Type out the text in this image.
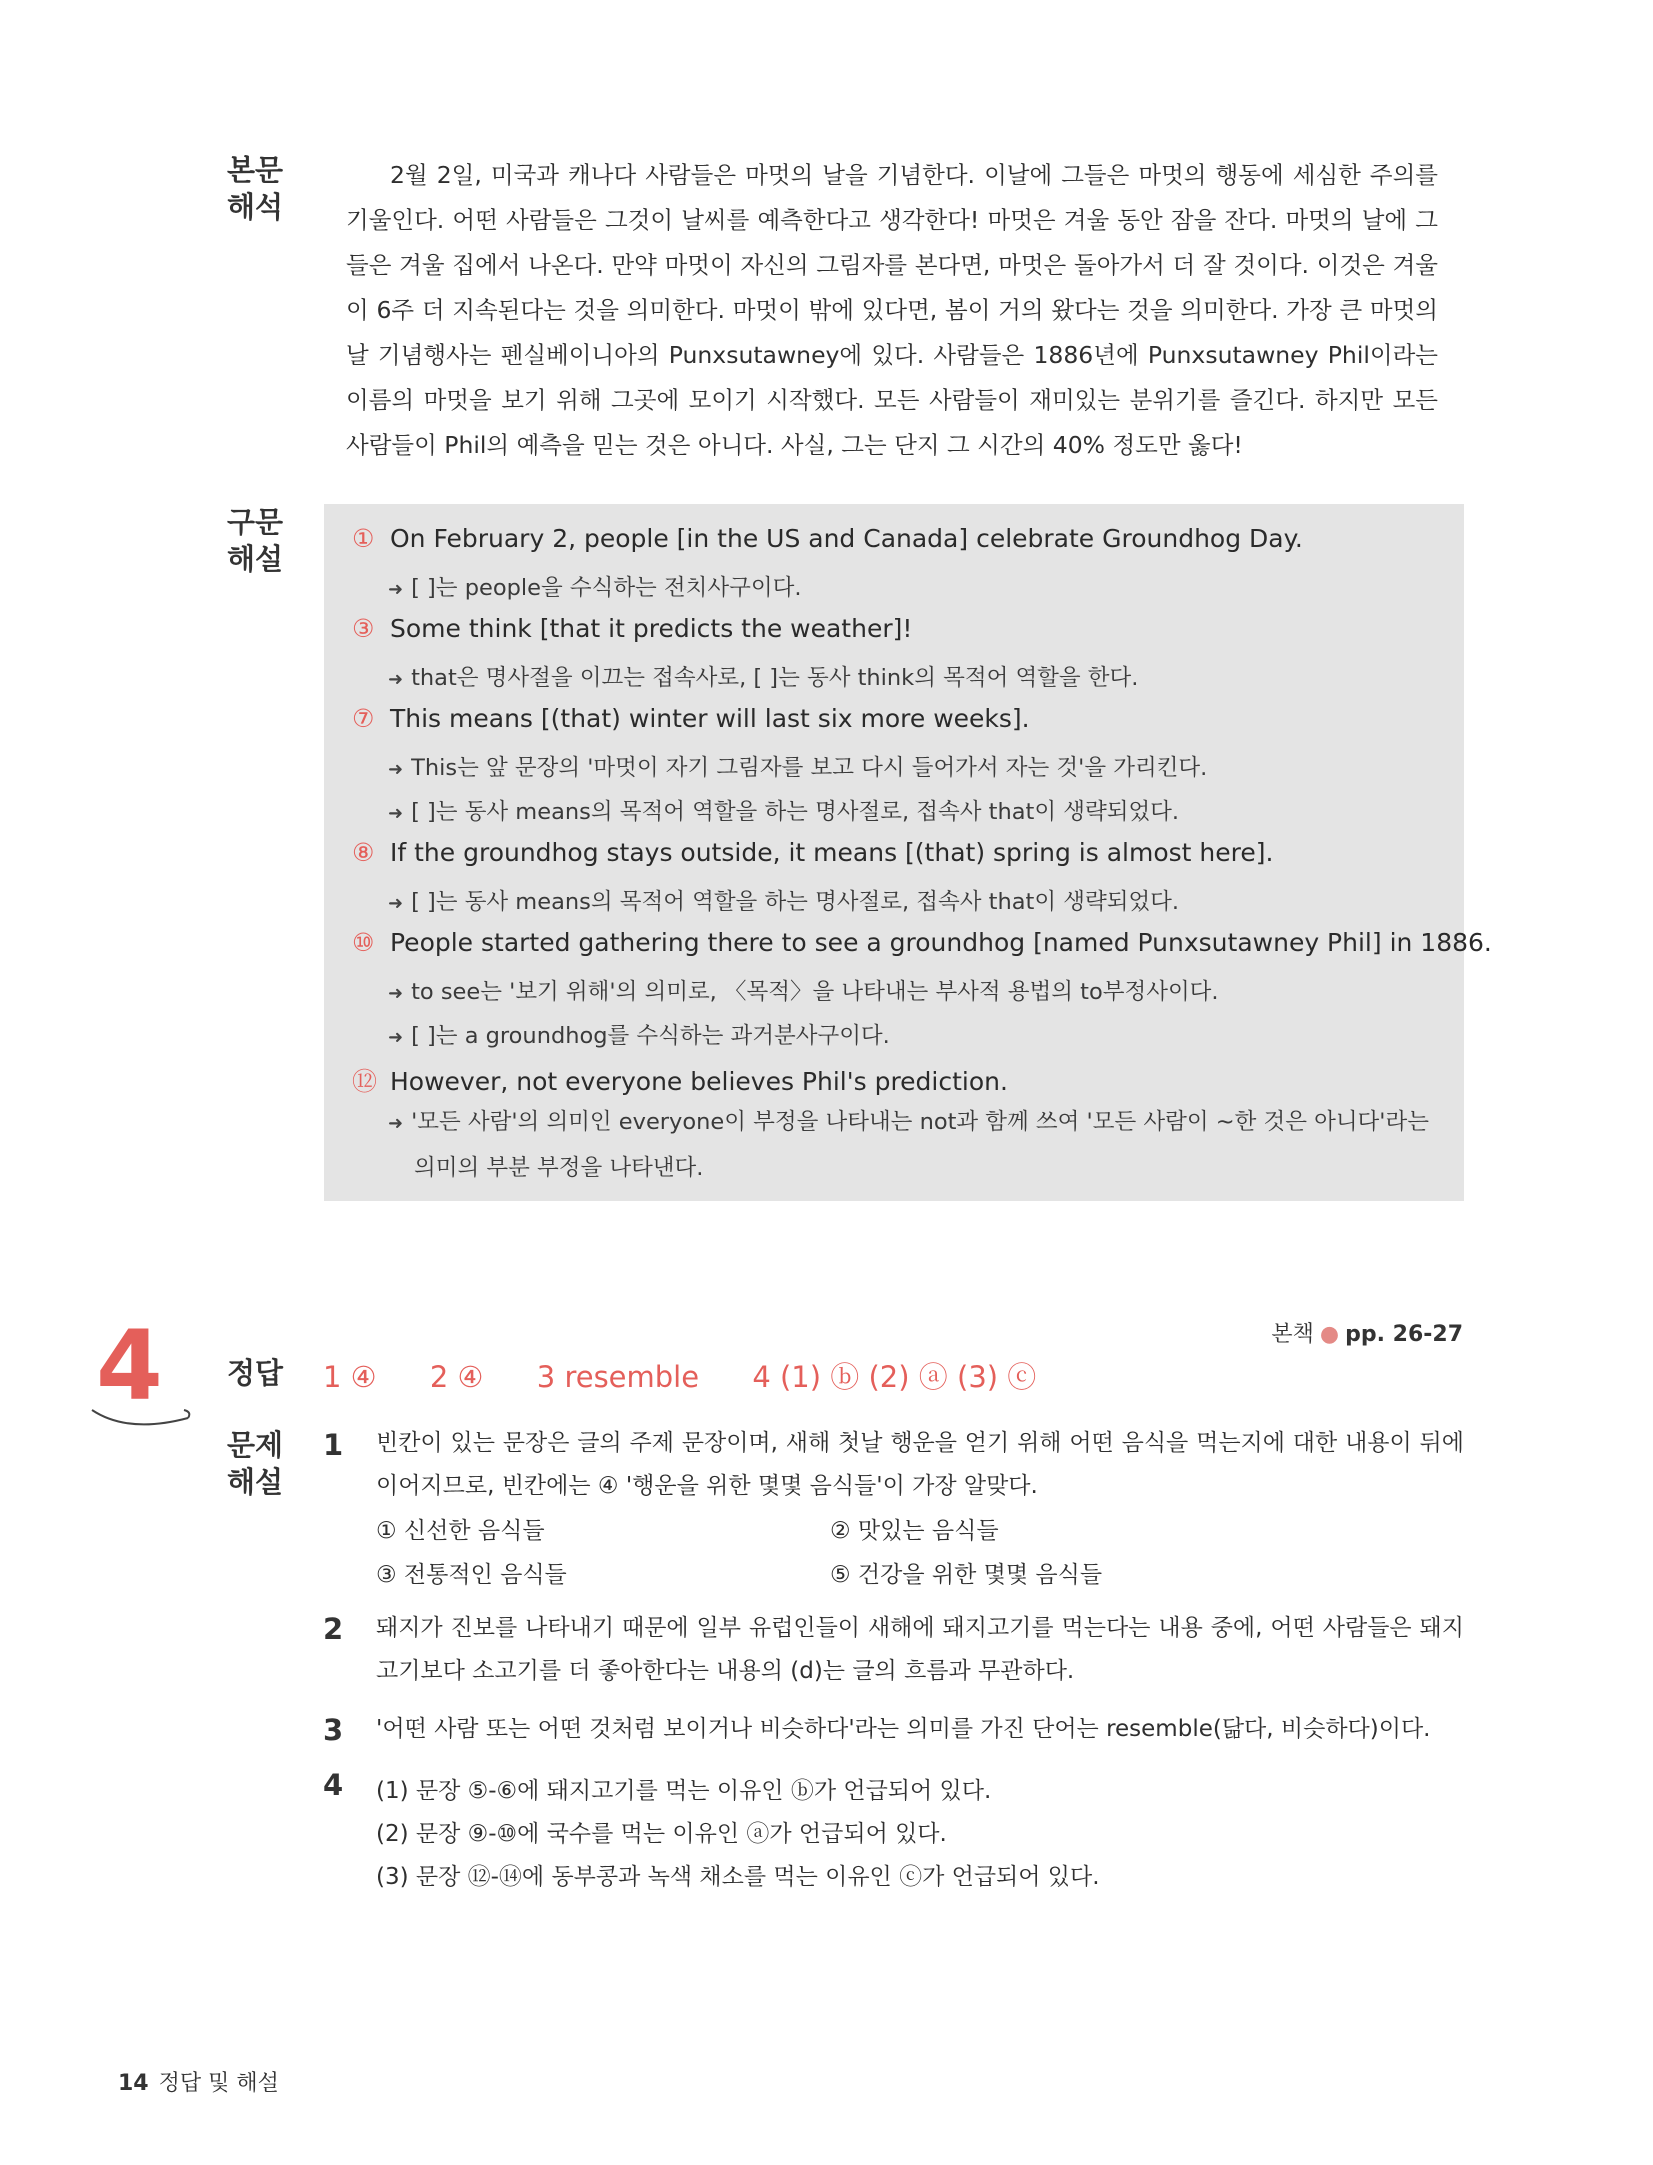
본문
해석
2월 2일, 미국과 캐나다 사람들은 마멋의 날을 기념한다. 이날에 그들은 마멋의 행동에 세심한 주의를 기울인다. 어떤 사람들은 그것이 날씨를 예측한다고 생각한다! 마멋은 겨울 동안 잠을 잔다. 마멋의 날에 그들은 겨울 집에서 나온다. 만약 마멋이 자신의 그림자를 본다면, 마멋은 돌아가서 더 잘 것이다. 이것은 겨울이 6주 더 지속된다는 것을 의미한다. 마멋이 밖에 있다면, 봄이 거의 왔다는 것을 의미한다. 가장 큰 마멋의 날 기념행사는 펜실베이니아의 Punxsutawney에 있다. 사람들은 1886년에 Punxsutawney Phil이라는 이름의 마멋을 보기 위해 그곳에 모이기 시작했다. 모든 사람들이 재미있는 분위기를 즐긴다. 하지만 모든 사람들이 Phil의 예측을 믿는 것은 아니다. 사실, 그는 단지 그 시간의 40% 정도만 옳다!
구문
해설
① On February 2, people [in the US and Canada] celebrate Groundhog Day.
➜ [ ]는 people을 수식하는 전치사구이다.
③ Some think [that it predicts the weather]!
➜ that은 명사절을 이끄는 접속사로, [ ]는 동사 think의 목적어 역할을 한다.
⑦ This means [(that) winter will last six more weeks].
➜ This는 앞 문장의 '마멋이 자기 그림자를 보고 다시 들어가서 자는 것'을 가리킨다.
➜ [ ]는 동사 means의 목적어 역할을 하는 명사절로, 접속사 that이 생략되었다.
⑧ If the groundhog stays outside, it means [(that) spring is almost here].
➜ [ ]는 동사 means의 목적어 역할을 하는 명사절로, 접속사 that이 생략되었다.
⑩ People started gathering there to see a groundhog [named Punxsutawney Phil] in 1886.
➜ to see는 '보기 위해'의 의미로, 〈목적〉을 나타내는 부사적 용법의 to부정사이다.
➜ [ ]는 a groundhog를 수식하는 과거분사구이다.
⑫ However, not everyone believes Phil's prediction.
➜ '모든 사람'의 의미인 everyone이 부정을 나타내는 not과 함께 쓰여 '모든 사람이 ~한 것은 아니다'라는 의미의 부분 부정을 나타낸다.
4	본책 ● pp. 26-27
정답	1 ④ 2 ④ 3 resemble 4 (1) ⓑ (2) ⓐ (3) ⓒ
문제
해설
1 빈칸이 있는 문장은 글의 주제 문장이며, 새해 첫날 행운을 얻기 위해 어떤 음식을 먹는지에 대한 내용이 뒤에 이어지므로, 빈칸에는 ④ '행운을 위한 몇몇 음식들'이 가장 알맞다.
① 신선한 음식들	② 맛있는 음식들
③ 전통적인 음식들	⑤ 건강을 위한 몇몇 음식들
2 돼지가 진보를 나타내기 때문에 일부 유럽인들이 새해에 돼지고기를 먹는다는 내용 중에, 어떤 사람들은 돼지고기보다 소고기를 더 좋아한다는 내용의 (d)는 글의 흐름과 무관하다.
3 '어떤 사람 또는 어떤 것처럼 보이거나 비슷하다'라는 의미를 가진 단어는 resemble(닮다, 비슷하다)이다.
4 (1) 문장 ⑤-⑥에 돼지고기를 먹는 이유인 ⓑ가 언급되어 있다.
(2) 문장 ⑨-⑩에 국수를 먹는 이유인 ⓐ가 언급되어 있다.
(3) 문장 ⑫-⑭에 동부콩과 녹색 채소를 먹는 이유인 ⓒ가 언급되어 있다.
14 정답 및 해설
